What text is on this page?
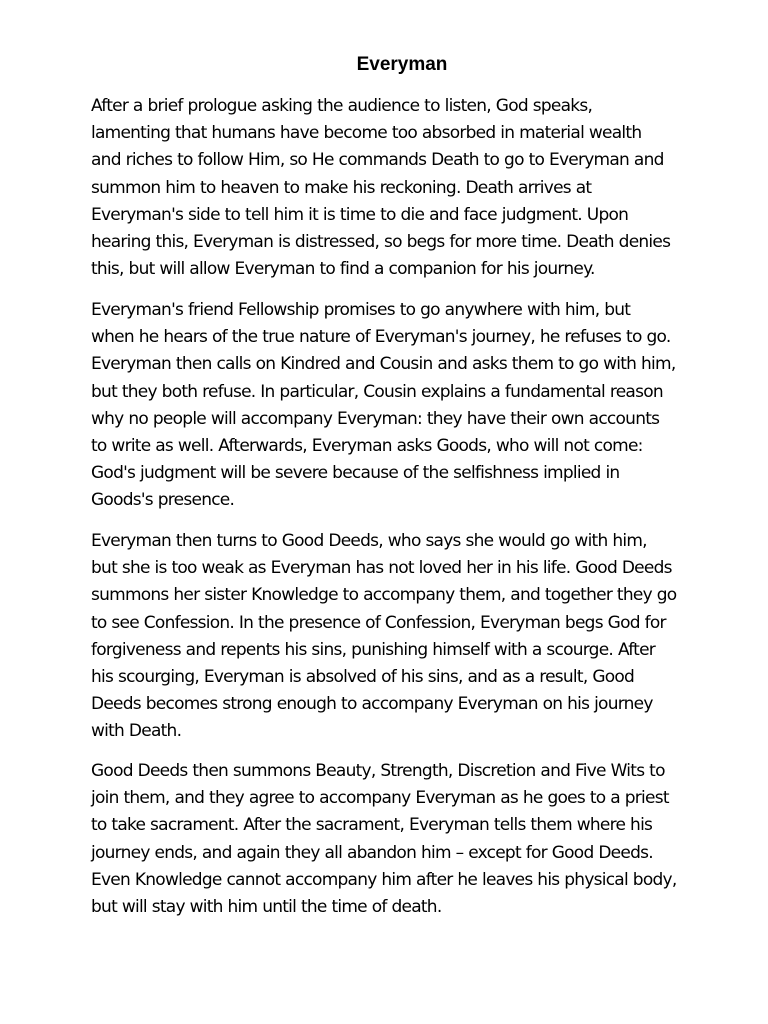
Everyman
After a brief prologue asking the audience to listen, God speaks,
lamenting that humans have become too absorbed in material wealth
and riches to follow Him, so He commands Death to go to Everyman and
summon him to heaven to make his reckoning. Death arrives at
Everyman's side to tell him it is time to die and face judgment. Upon
hearing this, Everyman is distressed, so begs for more time. Death denies
this, but will allow Everyman to find a companion for his journey.
Everyman's friend Fellowship promises to go anywhere with him, but
when he hears of the true nature of Everyman's journey, he refuses to go.
Everyman then calls on Kindred and Cousin and asks them to go with him,
but they both refuse. In particular, Cousin explains a fundamental reason
why no people will accompany Everyman: they have their own accounts
to write as well. Afterwards, Everyman asks Goods, who will not come:
God's judgment will be severe because of the selfishness implied in
Goods's presence.
Everyman then turns to Good Deeds, who says she would go with him,
but she is too weak as Everyman has not loved her in his life. Good Deeds
summons her sister Knowledge to accompany them, and together they go
to see Confession. In the presence of Confession, Everyman begs God for
forgiveness and repents his sins, punishing himself with a scourge. After
his scourging, Everyman is absolved of his sins, and as a result, Good
Deeds becomes strong enough to accompany Everyman on his journey
with Death.
Good Deeds then summons Beauty, Strength, Discretion and Five Wits to
join them, and they agree to accompany Everyman as he goes to a priest
to take sacrament. After the sacrament, Everyman tells them where his
journey ends, and again they all abandon him – except for Good Deeds.
Even Knowledge cannot accompany him after he leaves his physical body,
but will stay with him until the time of death.
